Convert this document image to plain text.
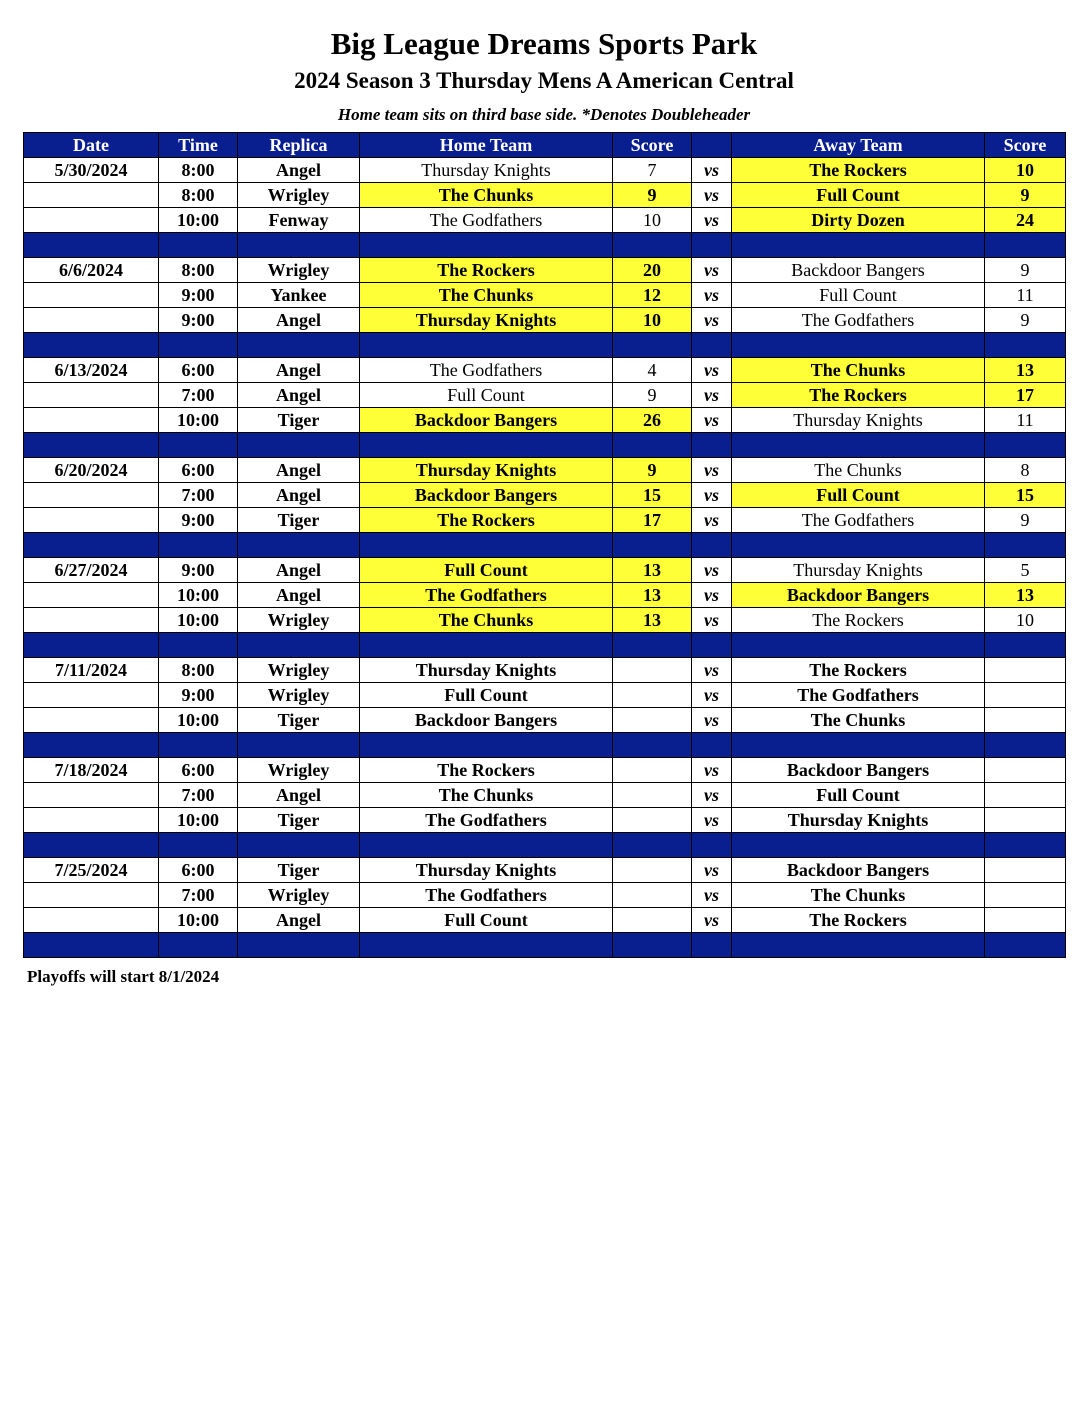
Big League Dreams Sports Park
2024 Season 3 Thursday Mens A American Central
Home team sits on third base side. *Denotes Doubleheader
Date	Time	Replica	Home Team	Score		Away Team	Score
5/30/2024	8:00	Angel	Thursday Knights	7	vs	The Rockers	10
	8:00	Wrigley	The Chunks	9	vs	Full Count	9
	10:00	Fenway	The Godfathers	10	vs	Dirty Dozen	24

6/6/2024	8:00	Wrigley	The Rockers	20	vs	Backdoor Bangers	9
	9:00	Yankee	The Chunks	12	vs	Full Count	11
	9:00	Angel	Thursday Knights	10	vs	The Godfathers	9

6/13/2024	6:00	Angel	The Godfathers	4	vs	The Chunks	13
	7:00	Angel	Full Count	9	vs	The Rockers	17
	10:00	Tiger	Backdoor Bangers	26	vs	Thursday Knights	11

6/20/2024	6:00	Angel	Thursday Knights	9	vs	The Chunks	8
	7:00	Angel	Backdoor Bangers	15	vs	Full Count	15
	9:00	Tiger	The Rockers	17	vs	The Godfathers	9

6/27/2024	9:00	Angel	Full Count	13	vs	Thursday Knights	5
	10:00	Angel	The Godfathers	13	vs	Backdoor Bangers	13
	10:00	Wrigley	The Chunks	13	vs	The Rockers	10

7/11/2024	8:00	Wrigley	Thursday Knights		vs	The Rockers	
	9:00	Wrigley	Full Count		vs	The Godfathers	
	10:00	Tiger	Backdoor Bangers		vs	The Chunks	

7/18/2024	6:00	Wrigley	The Rockers		vs	Backdoor Bangers	
	7:00	Angel	The Chunks		vs	Full Count	
	10:00	Tiger	The Godfathers		vs	Thursday Knights	

7/25/2024	6:00	Tiger	Thursday Knights		vs	Backdoor Bangers	
	7:00	Wrigley	The Godfathers		vs	The Chunks	
	10:00	Angel	Full Count		vs	The Rockers	

Playoffs will start 8/1/2024
